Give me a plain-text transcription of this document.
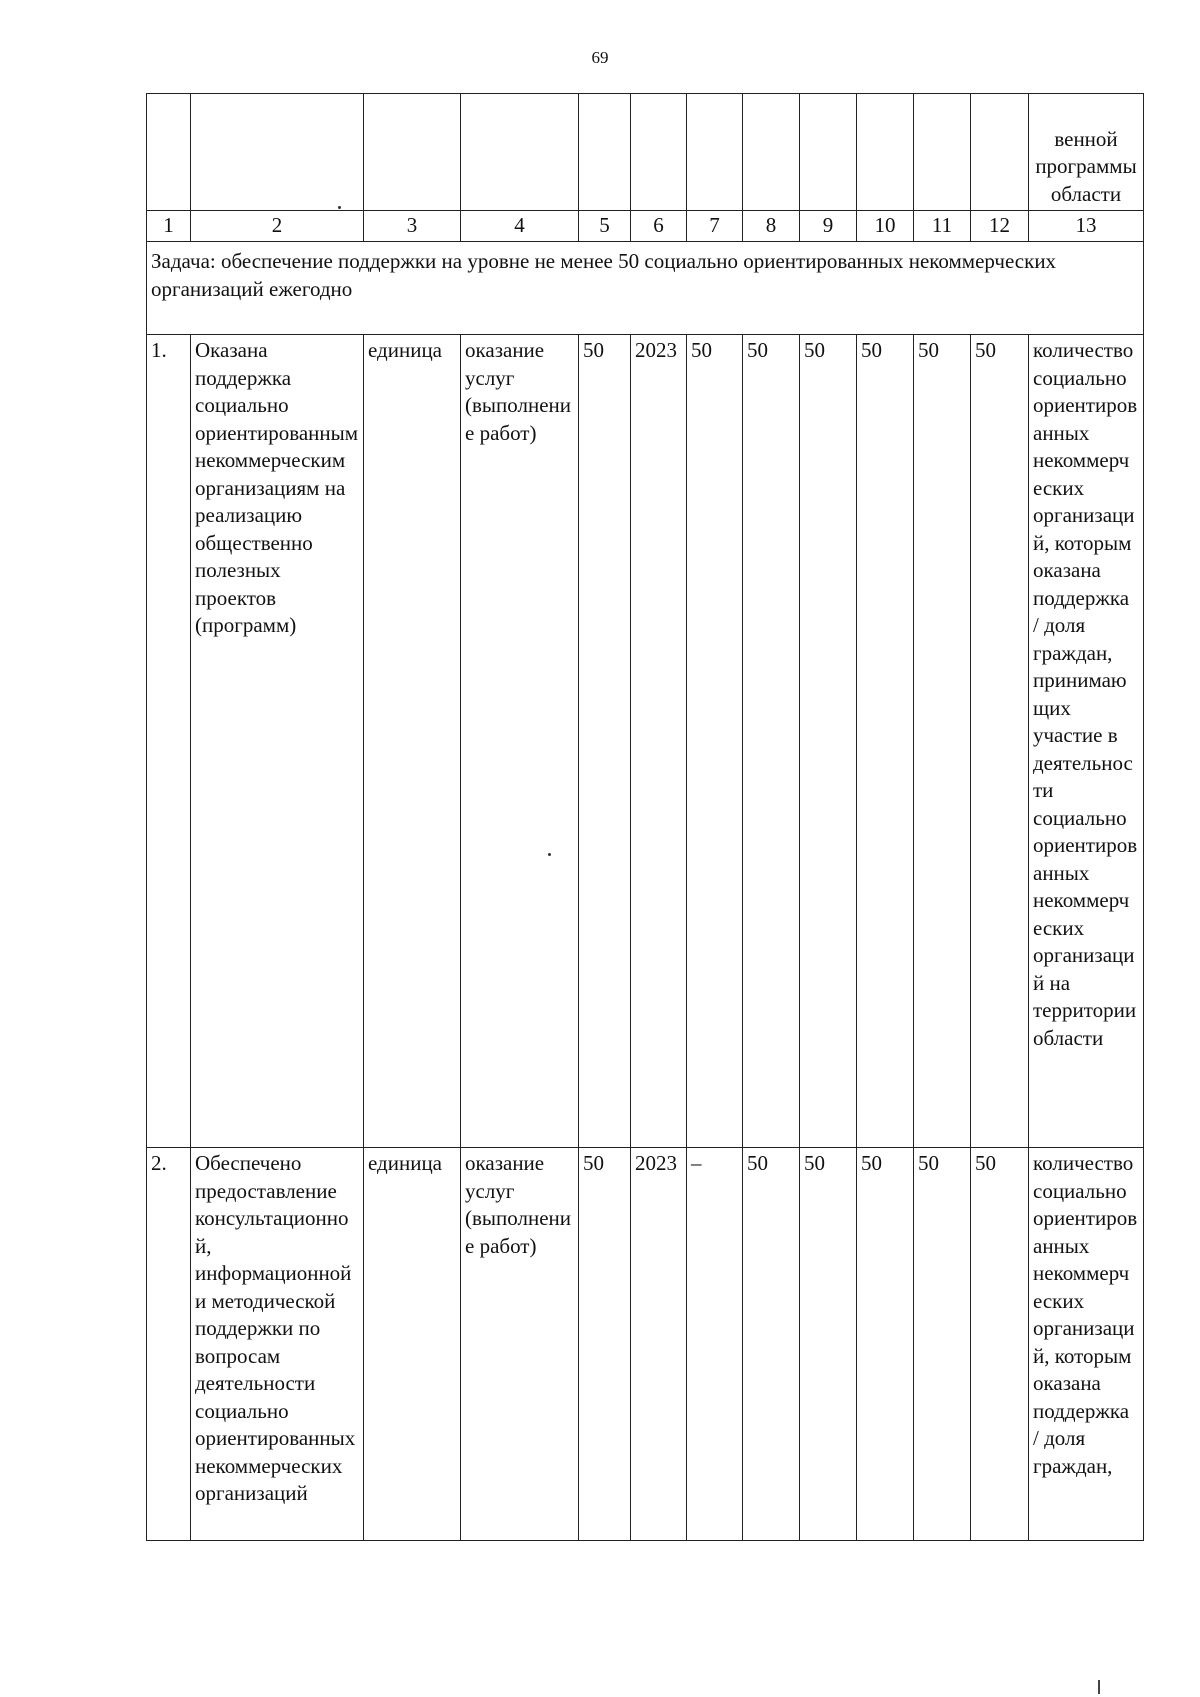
69
												венной программы области
1	2	3	4	5	6	7	8	9	10	11	12	13
Задача: обеспечение поддержки на уровне не менее 50 социально ориентированных некоммерческих организаций ежегодно												
1.	Оказана поддержка социально ориентированным некоммерческим организациям на реализацию общественно полезных проектов (программ)	единица	оказание услуг (выполнение работ)	50	2023	50	50	50	50	50	50	количество социально ориентированных некоммерческих организаций, которым оказана поддержка / доля граждан, принимающих участие в деятельности социально ориентированных некоммерческих организаций на территории области
2.	Обеспечено предоставление консультационной, информационной и методической поддержки по вопросам деятельности социально ориентированных некоммерческих организаций	единица	оказание услуг (выполнение работ)	50	2023	–	50	50	50	50	50	количество социально ориентированных некоммерческих организаций, которым оказана поддержка / доля граждан,
